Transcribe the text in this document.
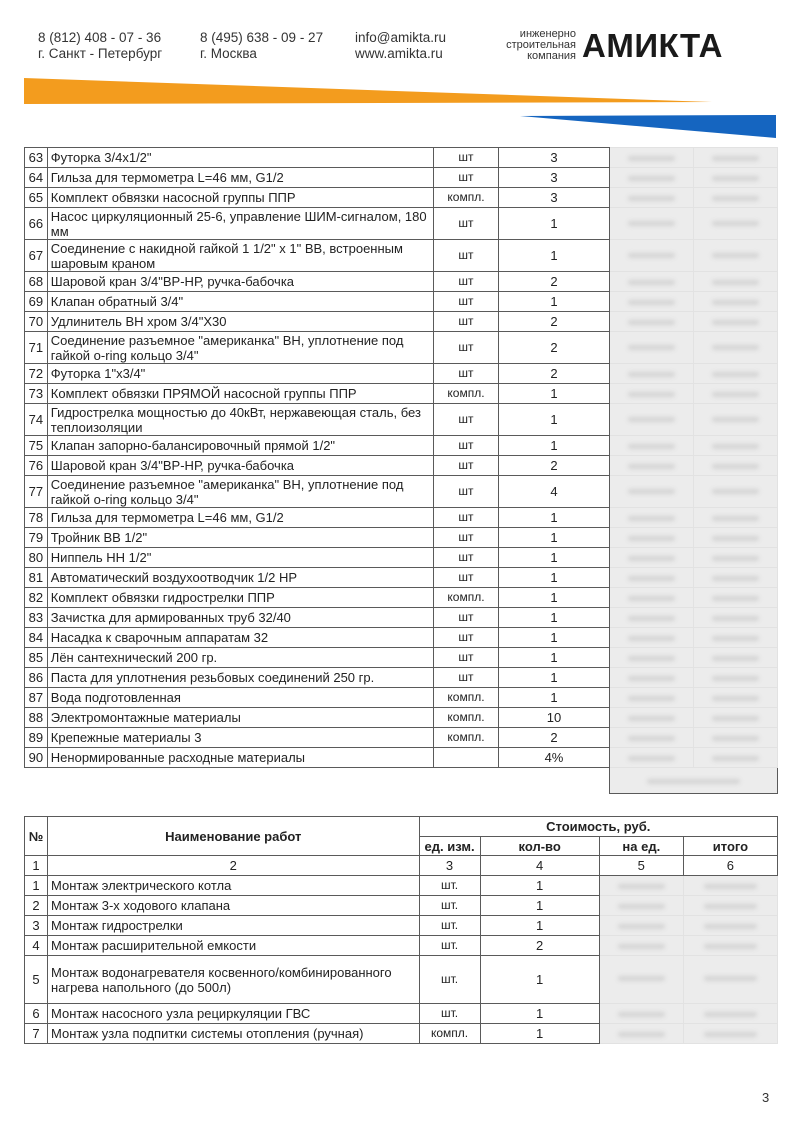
8 (812) 408 - 07 - 36
г. Санкт - Петербург
8 (495) 638 - 09 - 27
г. Москва
info@amikta.ru
www.amikta.ru
инженерно
строительная
компания АМИКТА
63	Футорка 3/4х1/2"	шт	3		
64	Гильза для термометра L=46 мм, G1/2	шт	3		
65	Комплект обвязки насосной группы ППР	компл.	3		
66	Насос циркуляционный 25-6, управление ШИМ-сигналом, 180 мм	шт	1		
67	Соединение с накидной гайкой 1 1/2" х 1" ВВ, встроенным шаровым краном	шт	1		
68	Шаровой кран 3/4"ВР-НР, ручка-бабочка	шт	2		
69	Клапан обратный 3/4"	шт	1		
70	Удлинитель ВН хром 3/4"Х30	шт	2		
71	Соединение разъемное "американка" ВН, уплотнение под гайкой o-ring кольцо 3/4"	шт	2		
72	Футорка 1"х3/4"	шт	2		
73	Комплект обвязки ПРЯМОЙ насосной группы ППР	компл.	1		
74	Гидрострелка мощностью до 40кВт, нержавеющая сталь, без теплоизоляции	шт	1		
75	Клапан запорно-балансировочный прямой 1/2"	шт	1		
76	Шаровой кран 3/4"ВР-НР, ручка-бабочка	шт	2		
77	Соединение разъемное "американка" ВН, уплотнение под гайкой o-ring кольцо 3/4"	шт	4		
78	Гильза для термометра L=46 мм, G1/2	шт	1		
79	Тройник ВВ 1/2"	шт	1		
80	Ниппель НН 1/2"	шт	1		
81	Автоматический воздухоотводчик 1/2 НР	шт	1		
82	Комплект обвязки гидрострелки ППР	компл.	1		
83	Зачистка для армированных труб 32/40	шт	1		
84	Насадка к сварочным аппаратам 32	шт	1		
85	Лён сантехнический 200 гр.	шт	1		
86	Паста для уплотнения резьбовых соединений 250 гр.	шт	1		
87	Вода подготовленная	компл.	1		
88	Электромонтажные материалы	компл.	10		
89	Крепежные материалы 3	компл.	2		
90	Ненормированные расходные материалы		4%		

№	Наименование работ	Стоимость, руб.			
		ед. изм.	кол-во	на ед.	итого
1	2	3	4	5	6
1	Монтаж электрического котла	шт.	1		
2	Монтаж 3-х ходового клапана	шт.	1		
3	Монтаж гидрострелки	шт.	1		
4	Монтаж расширительной емкости	шт.	2		
5	Монтаж водонагревателя косвенного/комбинированного нагрева напольного (до 500л)	шт.	1		
6	Монтаж насосного узла рециркуляции ГВС	шт.	1		
7	Монтаж узла подпитки системы отопления (ручная)	компл.	1		
3
